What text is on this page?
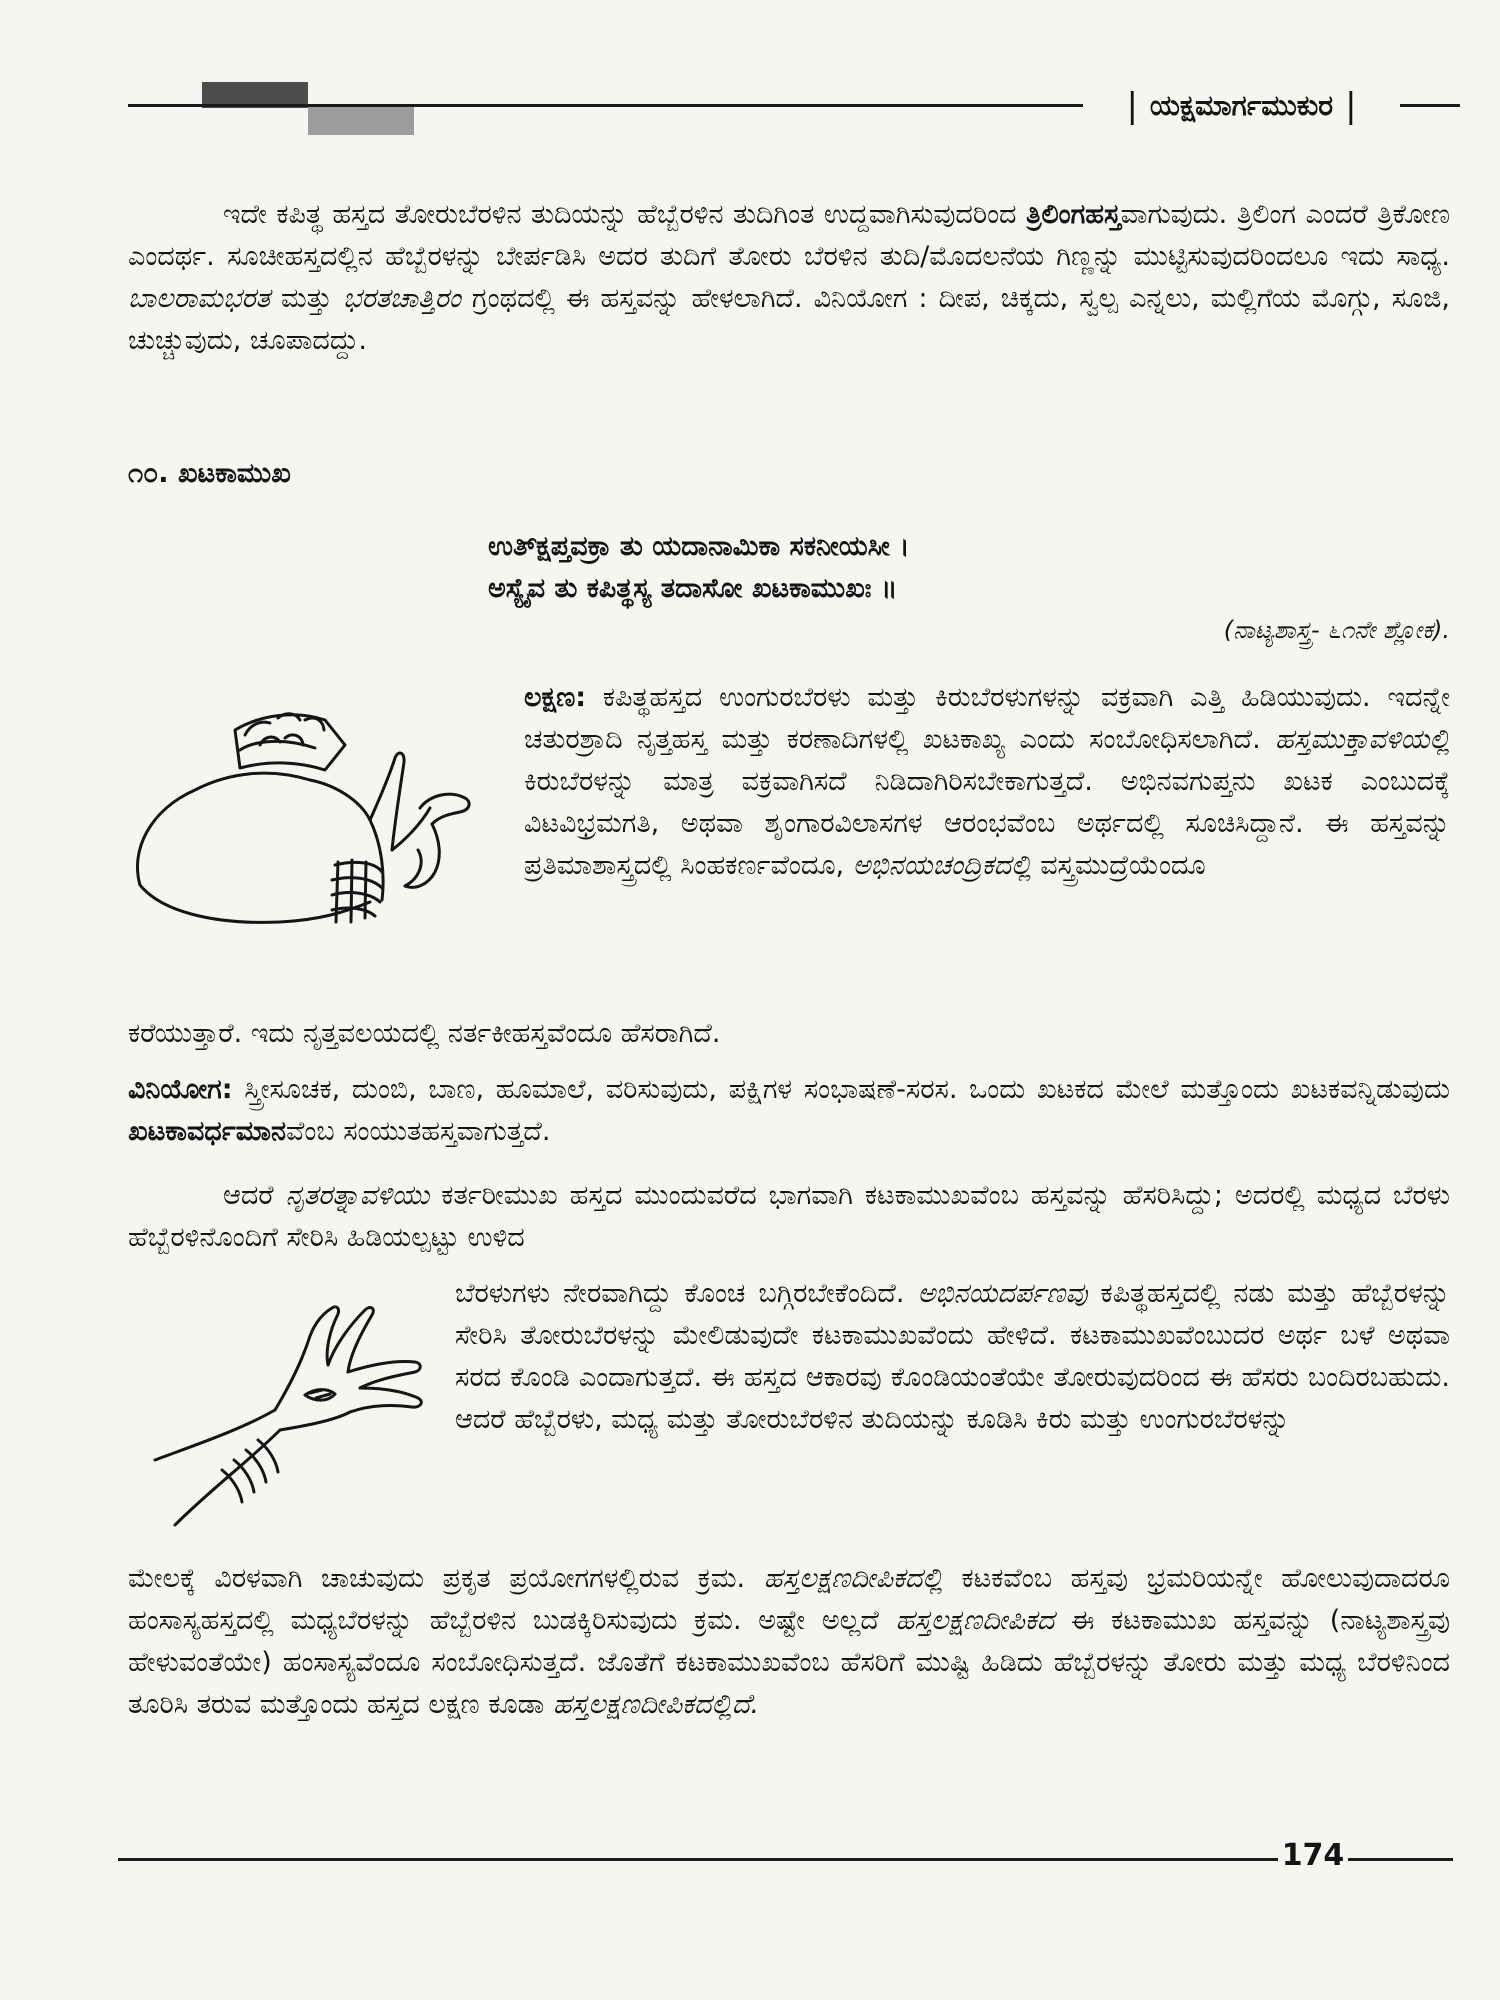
| ಯಕ್ಷಮಾರ್ಗಮುಕುರ |
ಇದೇ ಕಪಿತ್ಥ ಹಸ್ತದ ತೋರುಬೆರಳಿನ ತುದಿಯನ್ನು ಹೆಬ್ಬೆರಳಿನ ತುದಿಗಿಂತ ಉದ್ದವಾಗಿಸುವುದರಿಂದ ತ್ರಿಲಿಂಗಹಸ್ತವಾಗುವುದು. ತ್ರಿಲಿಂಗ ಎಂದರೆ ತ್ರಿಕೋಣ ಎಂದರ್ಥ. ಸೂಚೀಹಸ್ತದಲ್ಲಿನ ಹೆಬ್ಬೆರಳನ್ನು ಬೇರ್ಪಡಿಸಿ ಅದರ ತುದಿಗೆ ತೋರು ಬೆರಳಿನ ತುದಿ/ಮೊದಲನೆಯ ಗಿಣ್ಣನ್ನು ಮುಟ್ಟಿಸುವುದರಿಂದಲೂ ಇದು ಸಾಧ್ಯ. ಬಾಲರಾಮಭರತ ಮತ್ತು ಭರತಚಾತ್ತಿರಂ ಗ್ರಂಥದಲ್ಲಿ ಈ ಹಸ್ತವನ್ನು ಹೇಳಲಾಗಿದೆ. ವಿನಿಯೋಗ : ದೀಪ, ಚಿಕ್ಕದು, ಸ್ವಲ್ಪ ಎನ್ನಲು, ಮಲ್ಲಿಗೆಯ ಮೊಗ್ಗು, ಸೂಜಿ, ಚುಚ್ಚುವುದು, ಚೂಪಾದದ್ದು.
೧೦. ಖಟಕಾಮುಖ
ಉತ್ಕ್ಷಿಪ್ತವಕ್ರಾ ತು ಯದಾನಾಮಿಕಾ ಸಕನೀಯಸೀ ।
ಅಸ್ಯೈವ ತು ಕಪಿತ್ಥಸ್ಯ ತದಾಸೋ ಖಟಕಾಮುಖಃ ॥
(ನಾಟ್ಯಶಾಸ್ತ್ರ- ೬೧ನೇ ಶ್ಲೋಕ).
ಲಕ್ಷಣ: ಕಪಿತ್ಥಹಸ್ತದ ಉಂಗುರಬೆರಳು ಮತ್ತು ಕಿರುಬೆರಳುಗಳನ್ನು ವಕ್ರವಾಗಿ ಎತ್ತಿ ಹಿಡಿಯುವುದು. ಇದನ್ನೇ ಚತುರಶ್ರಾದಿ ನೃತ್ತಹಸ್ತ ಮತ್ತು ಕರಣಾದಿಗಳಲ್ಲಿ ಖಟಕಾಖ್ಯ ಎಂದು ಸಂಬೋಧಿಸಲಾಗಿದೆ. ಹಸ್ತಮುಕ್ತಾವಳಿಯಲ್ಲಿ ಕಿರುಬೆರಳನ್ನು ಮಾತ್ರ ವಕ್ರವಾಗಿಸದೆ ನಿಡಿದಾಗಿರಿಸಬೇಕಾಗುತ್ತದೆ. ಅಭಿನವಗುಪ್ತನು ಖಟಕ ಎಂಬುದಕ್ಕೆ ವಿಟವಿಭ್ರಮಗತಿ, ಅಥವಾ ಶೃಂಗಾರವಿಲಾಸಗಳ ಆರಂಭವೆಂಬ ಅರ್ಥದಲ್ಲಿ ಸೂಚಿಸಿದ್ದಾನೆ. ಈ ಹಸ್ತವನ್ನು ಪ್ರತಿಮಾಶಾಸ್ತ್ರದಲ್ಲಿ ಸಿಂಹಕರ್ಣವೆಂದೂ, ಅಭಿನಯಚಂದ್ರಿಕದಲ್ಲಿ ವಸ್ತ್ರಮುದ್ರೆಯೆಂದೂ
ಕರೆಯುತ್ತಾರೆ. ಇದು ನೃತ್ತವಲಯದಲ್ಲಿ ನರ್ತಕೀಹಸ್ತವೆಂದೂ ಹೆಸರಾಗಿದೆ.
ವಿನಿಯೋಗ: ಸ್ತ್ರೀಸೂಚಕ, ದುಂಬಿ, ಬಾಣ, ಹೂಮಾಲೆ, ವರಿಸುವುದು, ಪಕ್ಷಿಗಳ ಸಂಭಾಷಣೆ-ಸರಸ. ಒಂದು ಖಟಕದ ಮೇಲೆ ಮತ್ತೊಂದು ಖಟಕವನ್ನಿಡುವುದು ಖಟಕಾವರ್ಧಮಾನವೆಂಬ ಸಂಯುತಹಸ್ತವಾಗುತ್ತದೆ.
ಆದರೆ ನೃತರತ್ನಾವಳಿಯು ಕರ್ತರೀಮುಖ ಹಸ್ತದ ಮುಂದುವರೆದ ಭಾಗವಾಗಿ ಕಟಕಾಮುಖವೆಂಬ ಹಸ್ತವನ್ನು ಹೆಸರಿಸಿದ್ದು; ಅದರಲ್ಲಿ ಮಧ್ಯದ ಬೆರಳು ಹೆಬ್ಬೆರಳಿನೊಂದಿಗೆ ಸೇರಿಸಿ ಹಿಡಿಯಲ್ಪಟ್ಟು ಉಳಿದ
ಬೆರಳುಗಳು ನೇರವಾಗಿದ್ದು ಕೊಂಚ ಬಗ್ಗಿರಬೇಕೆಂದಿದೆ. ಅಭಿನಯದರ್ಪಣವು ಕಪಿತ್ಥಹಸ್ತದಲ್ಲಿ ನಡು ಮತ್ತು ಹೆಬ್ಬೆರಳನ್ನು ಸೇರಿಸಿ ತೋರುಬೆರಳನ್ನು ಮೇಲಿಡುವುದೇ ಕಟಕಾಮುಖವೆಂದು ಹೇಳಿದೆ. ಕಟಕಾಮುಖವೆಂಬುದರ ಅರ್ಥ ಬಳೆ ಅಥವಾ ಸರದ ಕೊಂಡಿ ಎಂದಾಗುತ್ತದೆ. ಈ ಹಸ್ತದ ಆಕಾರವು ಕೊಂಡಿಯಂತೆಯೇ ತೋರುವುದರಿಂದ ಈ ಹೆಸರು ಬಂದಿರಬಹುದು. ಆದರೆ ಹೆಬ್ಬೆರಳು, ಮಧ್ಯ ಮತ್ತು ತೋರುಬೆರಳಿನ ತುದಿಯನ್ನು ಕೂಡಿಸಿ ಕಿರು ಮತ್ತು ಉಂಗುರಬೆರಳನ್ನು
ಮೇಲಕ್ಕೆ ವಿರಳವಾಗಿ ಚಾಚುವುದು ಪ್ರಕೃತ ಪ್ರಯೋಗಗಳಲ್ಲಿರುವ ಕ್ರಮ. ಹಸ್ತಲಕ್ಷಣದೀಪಿಕದಲ್ಲಿ ಕಟಕವೆಂಬ ಹಸ್ತವು ಭ್ರಮರಿಯನ್ನೇ ಹೋಲುವುದಾದರೂ ಹಂಸಾಸ್ಯಹಸ್ತದಲ್ಲಿ ಮಧ್ಯಬೆರಳನ್ನು ಹೆಬ್ಬೆರಳಿನ ಬುಡಕ್ಕಿರಿಸುವುದು ಕ್ರಮ. ಅಷ್ಟೇ ಅಲ್ಲದೆ ಹಸ್ತಲಕ್ಷಣದೀಪಿಕದ ಈ ಕಟಕಾಮುಖ ಹಸ್ತವನ್ನು (ನಾಟ್ಯಶಾಸ್ತ್ರವು ಹೇಳುವಂತೆಯೇ) ಹಂಸಾಸ್ಯವೆಂದೂ ಸಂಬೋಧಿಸುತ್ತದೆ. ಜೊತೆಗೆ ಕಟಕಾಮುಖವೆಂಬ ಹೆಸರಿಗೆ ಮುಷ್ಟಿ ಹಿಡಿದು ಹೆಬ್ಬೆರಳನ್ನು ತೋರು ಮತ್ತು ಮಧ್ಯ ಬೆರಳಿನಿಂದ ತೂರಿಸಿ ತರುವ ಮತ್ತೊಂದು ಹಸ್ತದ ಲಕ್ಷಣ ಕೂಡಾ ಹಸ್ತಲಕ್ಷಣದೀಪಿಕದಲ್ಲಿದೆ.
174
